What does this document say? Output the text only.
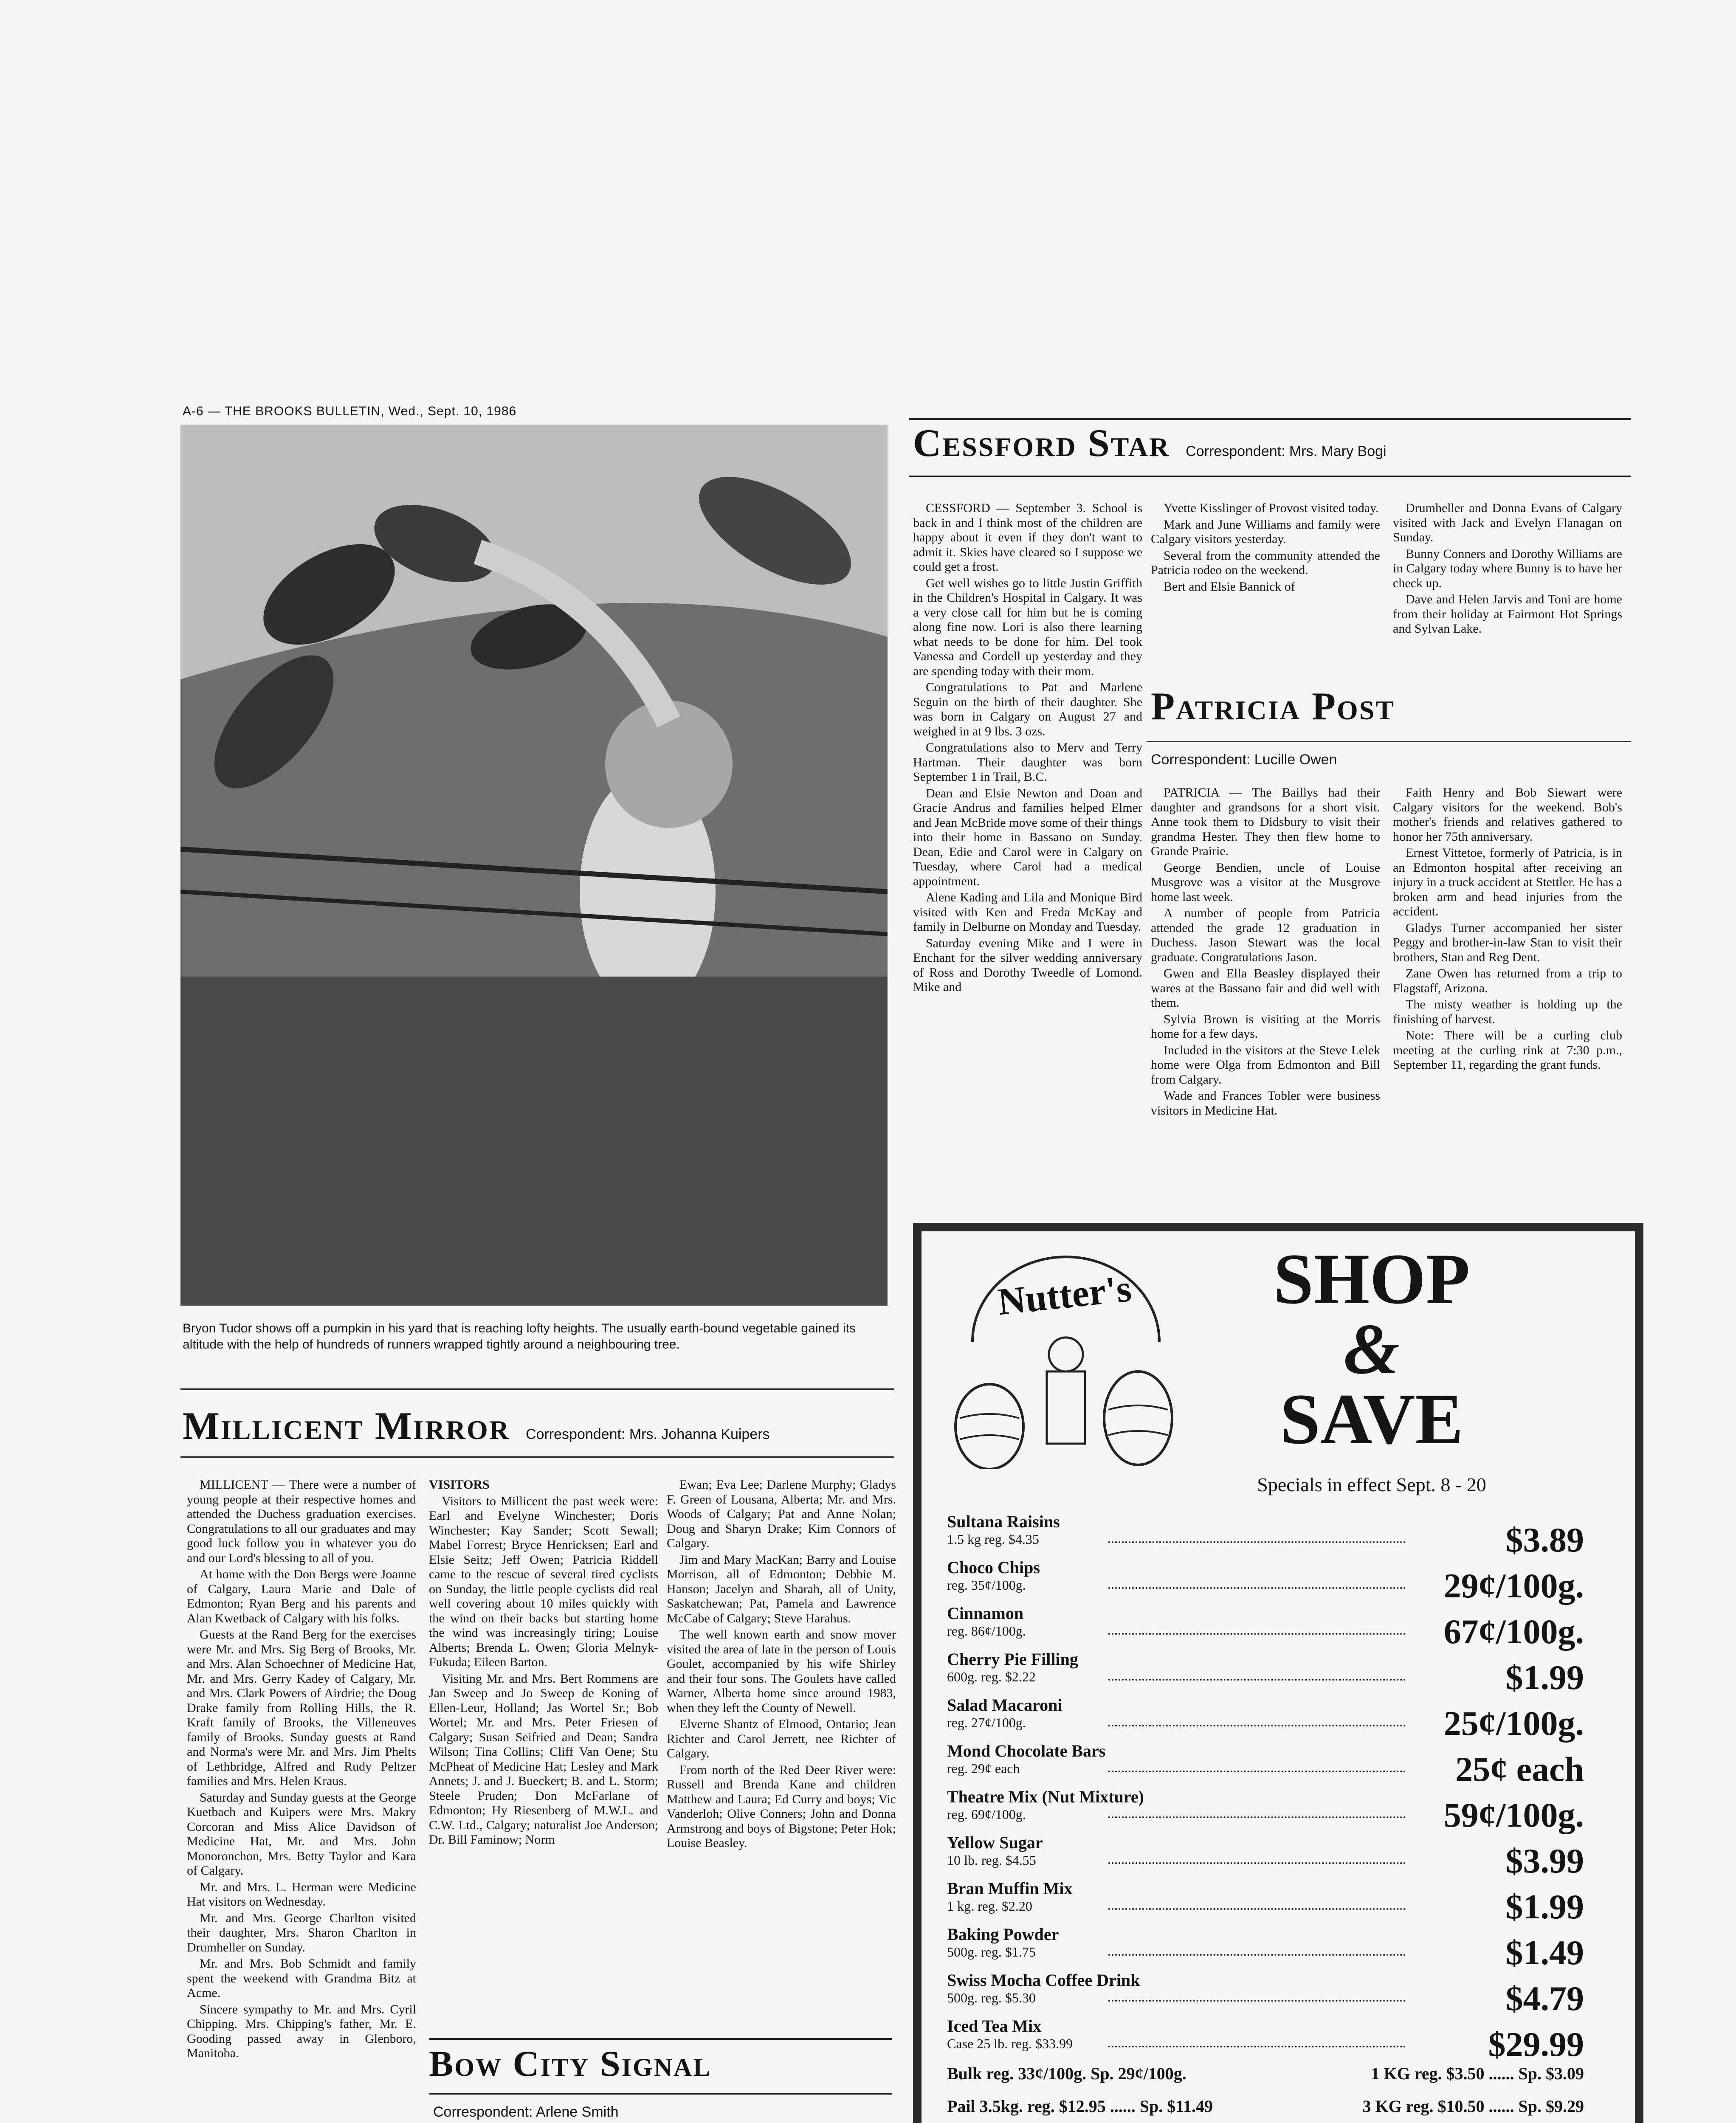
A-6 — THE BROOKS BULLETIN, Wed., Sept. 10, 1986
Bryon Tudor shows off a pumpkin in his yard that is reaching lofty heights. The usually earth-bound vegetable gained its altitude with the help of hundreds of runners wrapped tightly around a neighbouring tree.
Cessford Star Correspondent: Mrs. Mary Bogi

CESSFORD — September 3. School is back in and I think most of the children are happy about it even if they don't want to admit it. Skies have cleared so I suppose we could get a frost.

Get well wishes go to little Justin Griffith in the Children's Hospital in Calgary. It was a very close call for him but he is coming along fine now. Lori is also there learning what needs to be done for him. Del took Vanessa and Cordell up yesterday and they are spending today with their mom.

Congratulations to Pat and Marlene Seguin on the birth of their daughter. She was born in Calgary on August 27 and weighed in at 9 lbs. 3 ozs.

Congratulations also to Merv and Terry Hartman. Their daughter was born September 1 in Trail, B.C.

Dean and Elsie Newton and Doan and Gracie Andrus and families helped Elmer and Jean McBride move some of their things into their home in Bassano on Sunday. Dean, Edie and Carol were in Calgary on Tuesday, where Carol had a medical appointment.

Alene Kading and Lila and Monique Bird visited with Ken and Freda McKay and family in Delburne on Monday and Tuesday.

Saturday evening Mike and I were in Enchant for the silver wedding anniversary of Ross and Dorothy Tweedle of Lomond. Mike and

Yvette Kisslinger of Provost visited today.

Mark and June Williams and family were Calgary visitors yesterday.

Several from the community attended the Patricia rodeo on the weekend.

Bert and Elsie Bannick of

Drumheller and Donna Evans of Calgary visited with Jack and Evelyn Flanagan on Sunday.

Bunny Conners and Dorothy Williams are in Calgary today where Bunny is to have her check up.

Dave and Helen Jarvis and Toni are home from their holiday at Fairmont Hot Springs and Sylvan Lake.

Patricia Post
Correspondent: Lucille Owen

PATRICIA — The Baillys had their daughter and grandsons for a short visit. Anne took them to Didsbury to visit their grandma Hester. They then flew home to Grande Prairie.

George Bendien, uncle of Louise Musgrove was a visitor at the Musgrove home last week.

A number of people from Patricia attended the grade 12 graduation in Duchess. Jason Stewart was the local graduate. Congratulations Jason.

Gwen and Ella Beasley displayed their wares at the Bassano fair and did well with them.

Sylvia Brown is visiting at the Morris home for a few days.

Included in the visitors at the Steve Lelek home were Olga from Edmonton and Bill from Calgary.

Wade and Frances Tobler were business visitors in Medicine Hat.

Faith Henry and Bob Siewart were Calgary visitors for the weekend. Bob's mother's friends and relatives gathered to honor her 75th anniversary.

Ernest Vittetoe, formerly of Patricia, is in an Edmonton hospital after receiving an injury in a truck accident at Stettler. He has a broken arm and head injuries from the accident.

Gladys Turner accompanied her sister Peggy and brother-in-law Stan to visit their brothers, Stan and Reg Dent.

Zane Owen has returned from a trip to Flagstaff, Arizona.

The misty weather is holding up the finishing of harvest.

Note: There will be a curling club meeting at the curling rink at 7:30 p.m., September 11, regarding the grant funds.

Millicent Mirror Correspondent: Mrs. Johanna Kuipers

MILLICENT — There were a number of young people at their respective homes and attended the Duchess graduation exercises. Congratulations to all our graduates and may good luck follow you in whatever you do and our Lord's blessing to all of you.

At home with the Don Bergs were Joanne of Calgary, Laura Marie and Dale of Edmonton; Ryan Berg and his parents and Alan Kwetback of Calgary with his folks.

Guests at the Rand Berg for the exercises were Mr. and Mrs. Sig Berg of Brooks, Mr. and Mrs. Alan Schoechner of Medicine Hat, Mr. and Mrs. Gerry Kadey of Calgary, Mr. and Mrs. Clark Powers of Airdrie; the Doug Drake family from Rolling Hills, the R. Kraft family of Brooks, the Villeneuves family of Brooks. Sunday guests at Rand and Norma's were Mr. and Mrs. Jim Phelts of Lethbridge, Alfred and Rudy Peltzer families and Mrs. Helen Kraus.

Saturday and Sunday guests at the George Kuetbach and Kuipers were Mrs. Makry Corcoran and Miss Alice Davidson of Medicine Hat, Mr. and Mrs. John Monoronchon, Mrs. Betty Taylor and Kara of Calgary.

Mr. and Mrs. L. Herman were Medicine Hat visitors on Wednesday.

Mr. and Mrs. George Charlton visited their daughter, Mrs. Sharon Charlton in Drumheller on Sunday.

Mr. and Mrs. Bob Schmidt and family spent the weekend with Grandma Bitz at Acme.

Sincere sympathy to Mr. and Mrs. Cyril Chipping. Mrs. Chipping's father, Mr. E. Gooding passed away in Glenboro, Manitoba.

VISITORS

Visitors to Millicent the past week were: Earl and Evelyne Winchester; Doris Winchester; Kay Sander; Scott Sewall; Mabel Forrest; Bryce Henricksen; Earl and Elsie Seitz; Jeff Owen; Patricia Riddell came to the rescue of several tired cyclists on Sunday, the little people cyclists did real well covering about 10 miles quickly with the wind on their backs but starting home the wind was increasingly tiring; Louise Alberts; Brenda L. Owen; Gloria Melnyk-Fukuda; Eileen Barton.

Visiting Mr. and Mrs. Bert Rommens are Jan Sweep and Jo Sweep de Koning of Ellen-Leur, Holland; Jas Wortel Sr.; Bob Wortel; Mr. and Mrs. Peter Friesen of Calgary; Susan Seifried and Dean; Sandra Wilson; Tina Collins; Cliff Van Oene; Stu McPheat of Medicine Hat; Lesley and Mark Annets; J. and J. Bueckert; B. and L. Storm; Steele Pruden; Don McFarlane of Edmonton; Hy Riesenberg of M.W.L. and C.W. Ltd., Calgary; naturalist Joe Anderson; Dr. Bill Faminow; Norm

Ewan; Eva Lee; Darlene Murphy; Gladys F. Green of Lousana, Alberta; Mr. and Mrs. Woods of Calgary; Pat and Anne Nolan; Doug and Sharyn Drake; Kim Connors of Calgary.

Jim and Mary MacKan; Barry and Louise Morrison, all of Edmonton; Debbie M. Hanson; Jacelyn and Sharah, all of Unity, Saskatchewan; Pat, Pamela and Lawrence McCabe of Calgary; Steve Harahus.

The well known earth and snow mover visited the area of late in the person of Louis Goulet, accompanied by his wife Shirley and their four sons. The Goulets have called Warner, Alberta home since around 1983, when they left the County of Newell.

Elverne Shantz of Elmood, Ontario; Jean Richter and Carol Jerrett, nee Richter of Calgary.

From north of the Red Deer River were: Russell and Brenda Kane and children Matthew and Laura; Ed Curry and boys; Vic Vanderloh; Olive Conners; John and Donna Armstrong and boys of Bigstone; Peter Hok; Louise Beasley.

Bow City Signal
Correspondent: Arlene Smith

Nutter's	SHOP
&
SAVE
Specials in effect Sept. 8 - 20
Sultana Raisins
1.5 kg reg. $4.35	$3.89
Choco Chips
reg. 35¢/100g.	29¢/100g.
Cinnamon
reg. 86¢/100g.	67¢/100g.
Cherry Pie Filling
600g. reg. $2.22	$1.99
Salad Macaroni
reg. 27¢/100g.	25¢/100g.
Mond Chocolate Bars
reg. 29¢ each	25¢ each
Theatre Mix (Nut Mixture)
reg. 69¢/100g.	59¢/100g.
Yellow Sugar
10 lb. reg. $4.55	$3.99
Bran Muffin Mix
1 kg. reg. $2.20	$1.99
Baking Powder
500g. reg. $1.75	$1.49
Swiss Mocha Coffee Drink
500g. reg. $5.30	$4.79
Iced Tea Mix
Case 25 lb. reg. $33.99	$29.99
Bulk reg. 33¢/100g. Sp. 29¢/100g.	1 KG reg. $3.50 ...... Sp. $3.09
Pail 3.5kg. reg. $12.95 ...... Sp. $11.49	3 KG reg. $10.50 ...... Sp. $9.29
